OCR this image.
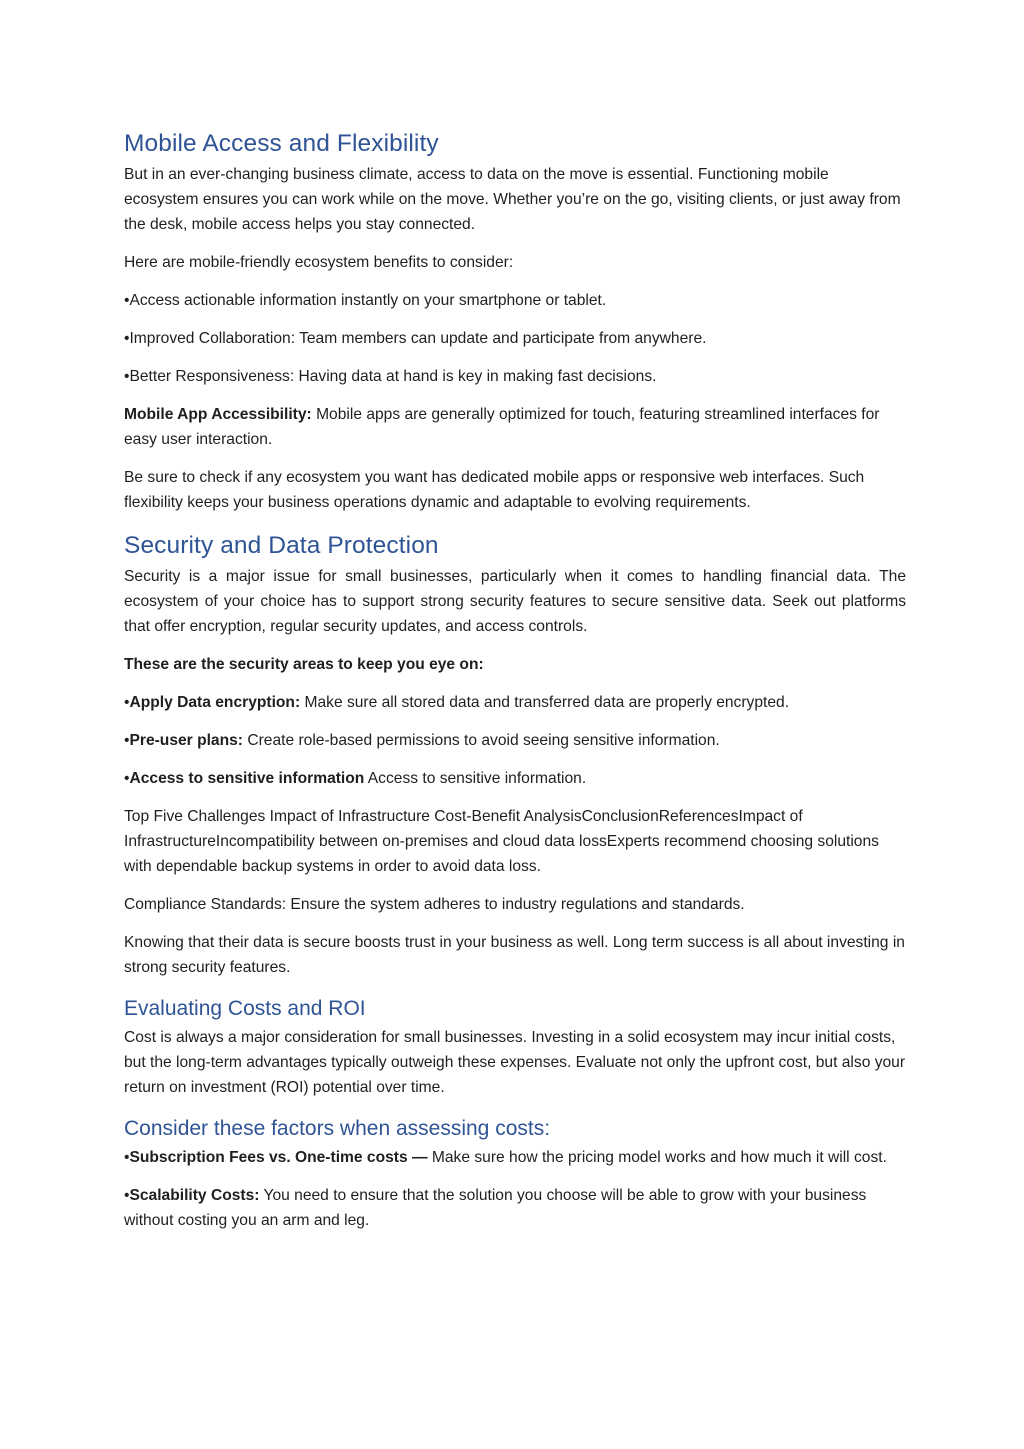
Mobile Access and Flexibility

But in an ever-changing business climate, access to data on the move is essential. Functioning mobile ecosystem ensures you can work while on the move. Whether you’re on the go, visiting clients, or just away from the desk, mobile access helps you stay connected.

Here are mobile-friendly ecosystem benefits to consider:

• Access actionable information instantly on your smartphone or tablet.

• Improved Collaboration: Team members can update and participate from anywhere.

• Better Responsiveness: Having data at hand is key in making fast decisions.

Mobile App Accessibility: Mobile apps are generally optimized for touch, featuring streamlined interfaces for easy user interaction.

Be sure to check if any ecosystem you want has dedicated mobile apps or responsive web interfaces. Such flexibility keeps your business operations dynamic and adaptable to evolving requirements.

Security and Data Protection

Security is a major issue for small businesses, particularly when it comes to handling financial data. The ecosystem of your choice has to support strong security features to secure sensitive data. Seek out platforms that offer encryption, regular security updates, and access controls.

These are the security areas to keep you eye on:

• Apply Data encryption: Make sure all stored data and transferred data are properly encrypted.

• Pre-user plans: Create role-based permissions to avoid seeing sensitive information.

• Access to sensitive information Access to sensitive information.

Top Five Challenges Impact of Infrastructure Cost-Benefit AnalysisConclusionReferencesImpact of InfrastructureIncompatibility between on-premises and cloud data lossExperts recommend choosing solutions with dependable backup systems in order to avoid data loss.

Compliance Standards: Ensure the system adheres to industry regulations and standards.

Knowing that their data is secure boosts trust in your business as well. Long term success is all about investing in strong security features.

Evaluating Costs and ROI

Cost is always a major consideration for small businesses. Investing in a solid ecosystem may incur initial costs, but the long-term advantages typically outweigh these expenses. Evaluate not only the upfront cost, but also your return on investment (ROI) potential over time.

Consider these factors when assessing costs:

• Subscription Fees vs. One-time costs — Make sure how the pricing model works and how much it will cost.

• Scalability Costs: You need to ensure that the solution you choose will be able to grow with your business without costing you an arm and leg.
